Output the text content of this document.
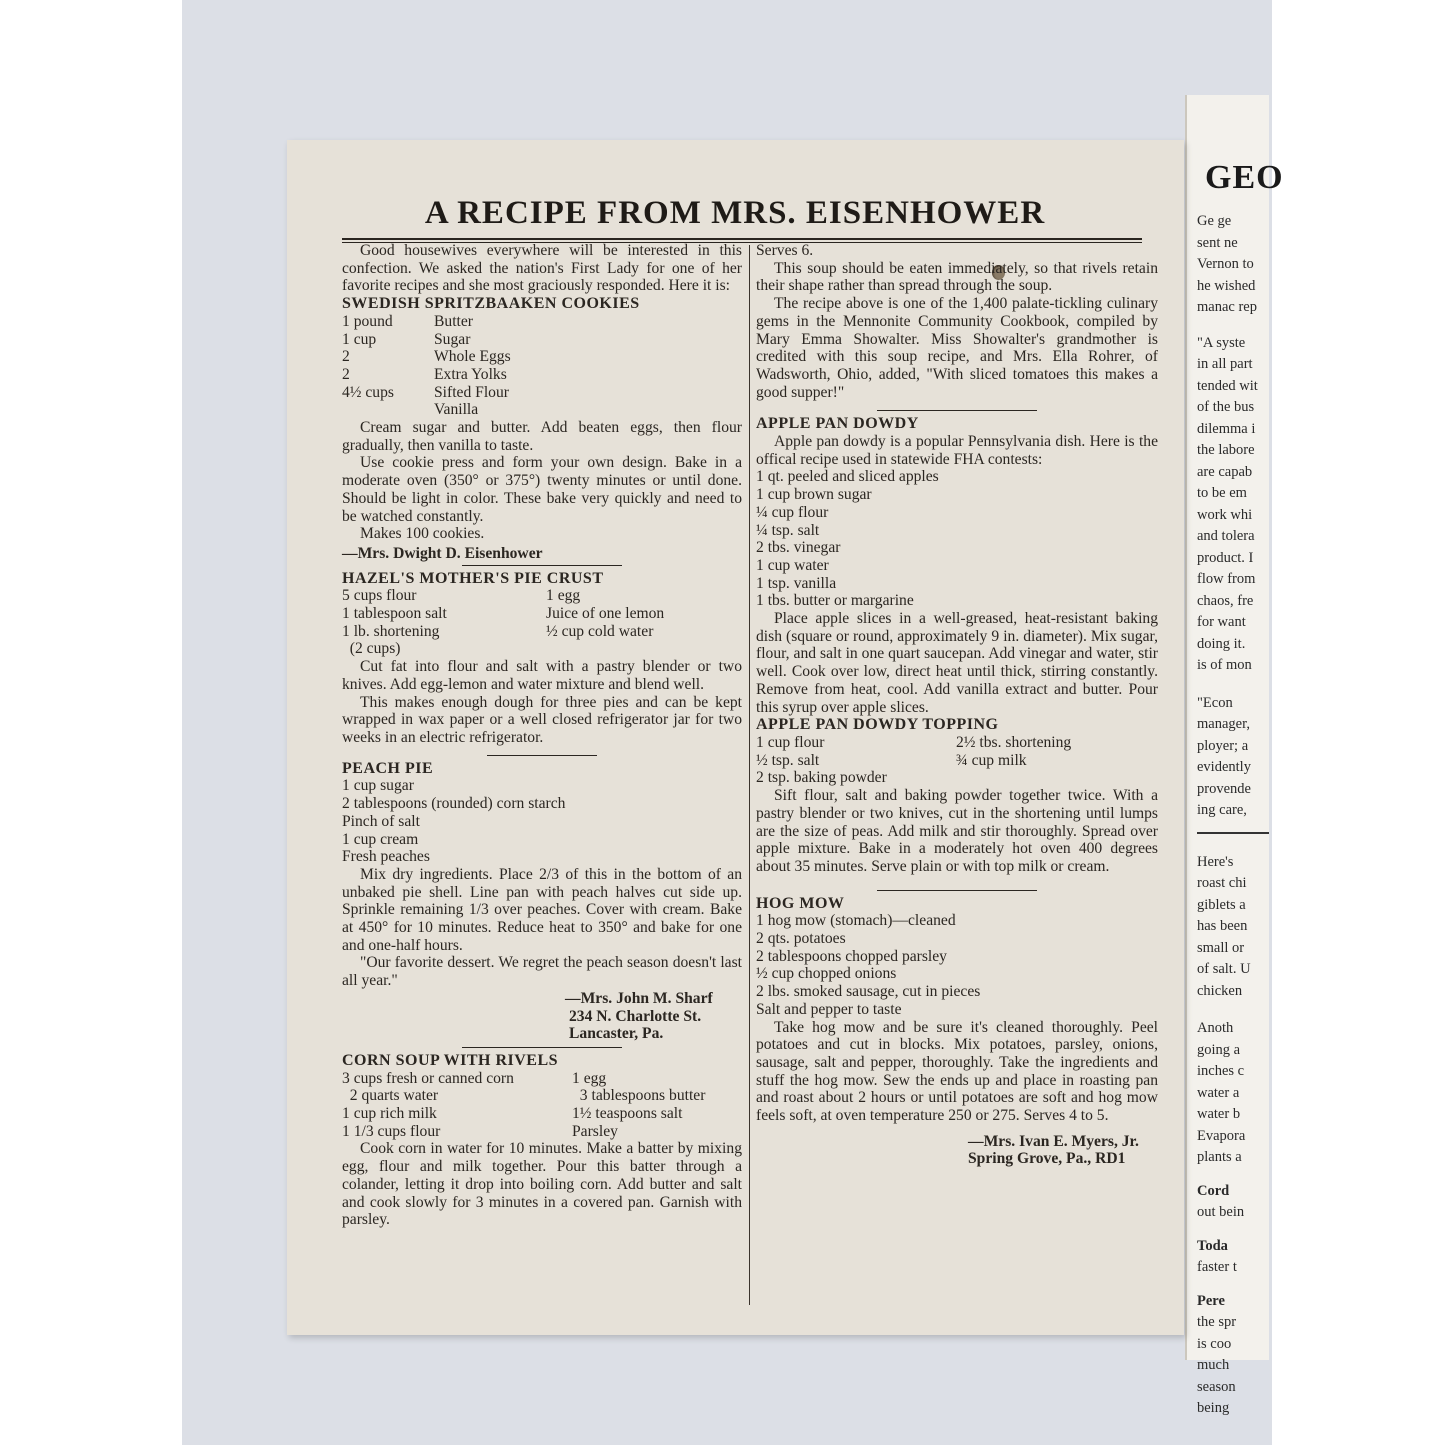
GEO
Ge ge
sent ne
Vernon to
he wished
manac rep
"A syste
in all part
tended wit
of the bus
dilemma i
the labore
are capab
to be em
work whi
and tolera
product. I
flow from
chaos, fre
for want
doing it.
is of mon
"Econ
manager,
ployer; a
evidently
provende
ing care,
Here's
roast chi
giblets a
has been
small or
of salt. U
chicken
Anoth
going a
inches c
water a
water b
Evapora
plants a
Cord
out bein
Toda
faster t
Pere
the spr
is coo
much
season
being
A RECIPE FROM MRS. EISENHOWER

Good housewives everywhere will be interested in this confection. We asked the nation's First Lady for one of her favorite recipes and she most graciously responded. Here it is:

SWEDISH SPRITZBAAKEN COOKIES

1 pound	Butter
1 cup	Sugar
2	Whole Eggs
2	Extra Yolks
4½ cups	Sifted Flour
Vanilla

Cream sugar and butter. Add beaten eggs, then flour gradually, then vanilla to taste.

Use cookie press and form your own design. Bake in a moderate oven (350° or 375°) twenty minutes or until done. Should be light in color. These bake very quickly and need to be watched constantly.

Makes 100 cookies.

—Mrs. Dwight D. Eisenhower

HAZEL'S MOTHER'S PIE CRUST

5 cups flour	1 egg
1 tablespoon salt	Juice of one lemon
1 lb. shortening	½ cup cold water
(2 cups)

Cut fat into flour and salt with a pastry blender or two knives. Add egg-lemon and water mixture and blend well.

This makes enough dough for three pies and can be kept wrapped in wax paper or a well closed refrigerator jar for two weeks in an electric refrigerator.

PEACH PIE

1 cup sugar
2 tablespoons (rounded) corn starch
Pinch of salt
1 cup cream
Fresh peaches

Mix dry ingredients. Place 2/3 of this in the bottom of an unbaked pie shell. Line pan with peach halves cut side up. Sprinkle remaining 1/3 over peaches. Cover with cream. Bake at 450° for 10 minutes. Reduce heat to 350° and bake for one and one-half hours.

"Our favorite dessert. We regret the peach season doesn't last all year."

—Mrs. John M. Sharf
234 N. Charlotte St.
Lancaster, Pa.

CORN SOUP WITH RIVELS

3 cups fresh or canned corn	1 egg
2 quarts water	3 tablespoons butter
1 cup rich milk	1½ teaspoons salt
1 1/3 cups flour	Parsley

Cook corn in water for 10 minutes. Make a batter by mixing egg, flour and milk together. Pour this batter through a colander, letting it drop into boiling corn. Add butter and salt and cook slowly for 3 minutes in a covered pan. Garnish with parsley.

Serves 6.

This soup should be eaten immediately, so that rivels retain their shape rather than spread through the soup.

The recipe above is one of the 1,400 palate-tickling culinary gems in the Mennonite Community Cookbook, compiled by Mary Emma Showalter. Miss Showalter's grandmother is credited with this soup recipe, and Mrs. Ella Rohrer, of Wadsworth, Ohio, added, "With sliced tomatoes this makes a good supper!"

APPLE PAN DOWDY

Apple pan dowdy is a popular Pennsylvania dish. Here is the offical recipe used in statewide FHA contests:

1 qt. peeled and sliced apples
1 cup brown sugar
¼ cup flour
¼ tsp. salt
2 tbs. vinegar
1 cup water
1 tsp. vanilla
1 tbs. butter or margarine

Place apple slices in a well-greased, heat-resistant baking dish (square or round, approximately 9 in. diameter). Mix sugar, flour, and salt in one quart saucepan. Add vinegar and water, stir well. Cook over low, direct heat until thick, stirring constantly. Remove from heat, cool. Add vanilla extract and butter. Pour this syrup over apple slices.

APPLE PAN DOWDY TOPPING

1 cup flour	2½ tbs. shortening
½ tsp. salt	¾ cup milk
2 tsp. baking powder

Sift flour, salt and baking powder together twice. With a pastry blender or two knives, cut in the shortening until lumps are the size of peas. Add milk and stir thoroughly. Spread over apple mixture. Bake in a moderately hot oven 400 degrees about 35 minutes. Serve plain or with top milk or cream.

HOG MOW

1 hog mow (stomach)—cleaned
2 qts. potatoes
2 tablespoons chopped parsley
½ cup chopped onions
2 lbs. smoked sausage, cut in pieces
Salt and pepper to taste

Take hog mow and be sure it's cleaned thoroughly. Peel potatoes and cut in blocks. Mix potatoes, parsley, onions, sausage, salt and pepper, thoroughly. Take the ingredients and stuff the hog mow. Sew the ends up and place in roasting pan and roast about 2 hours or until potatoes are soft and hog mow feels soft, at oven temperature 250 or 275. Serves 4 to 5.

—Mrs. Ivan E. Myers, Jr.
Spring Grove, Pa., RD1
